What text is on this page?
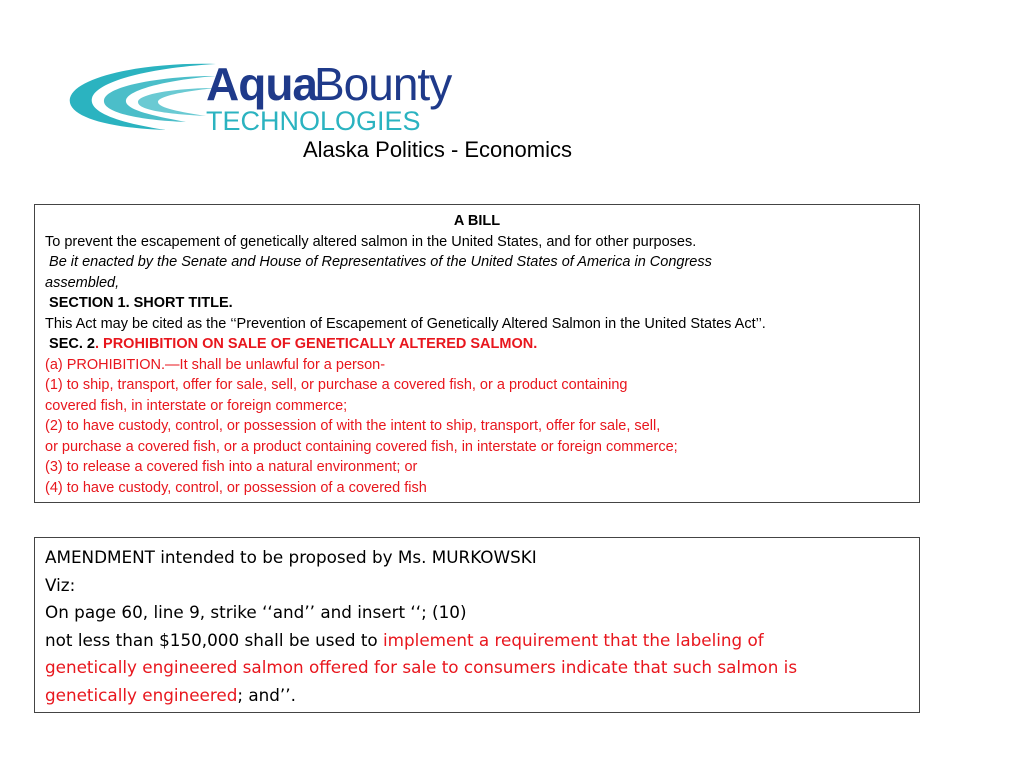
Aqua
Bounty
TECHNOLOGIES
Alaska Politics - Economics
A BILL
To prevent the escapement of genetically altered salmon in the United States, and for other purposes.
Be it enacted by the Senate and House of Representatives of the United States of America in Congress
assembled,
SECTION 1. SHORT TITLE.
This Act may be cited as the ‘‘Prevention of Escapement of Genetically Altered Salmon in the United States Act’’.
SEC. 2. PROHIBITION ON SALE OF GENETICALLY ALTERED SALMON.
(a) PROHIBITION.—It shall be unlawful for a person-
(1) to ship, transport, offer for sale, sell, or purchase a covered fish, or a product containing
covered fish, in interstate or foreign commerce;
(2) to have custody, control, or possession of with the intent to ship, transport, offer for sale, sell,
or purchase a covered fish, or a product containing covered fish, in interstate or foreign commerce;
(3) to release a covered fish into a natural environment; or
(4) to have custody, control, or possession of a covered fish
AMENDMENT intended to be proposed by Ms. MURKOWSKI
Viz:
On page 60, line 9, strike ‘‘and’’ and insert ‘‘; (10)
not less than $150,000 shall be used to implement a requirement that the labeling of
genetically engineered salmon offered for sale to consumers indicate that such salmon is
genetically engineered; and’’.
